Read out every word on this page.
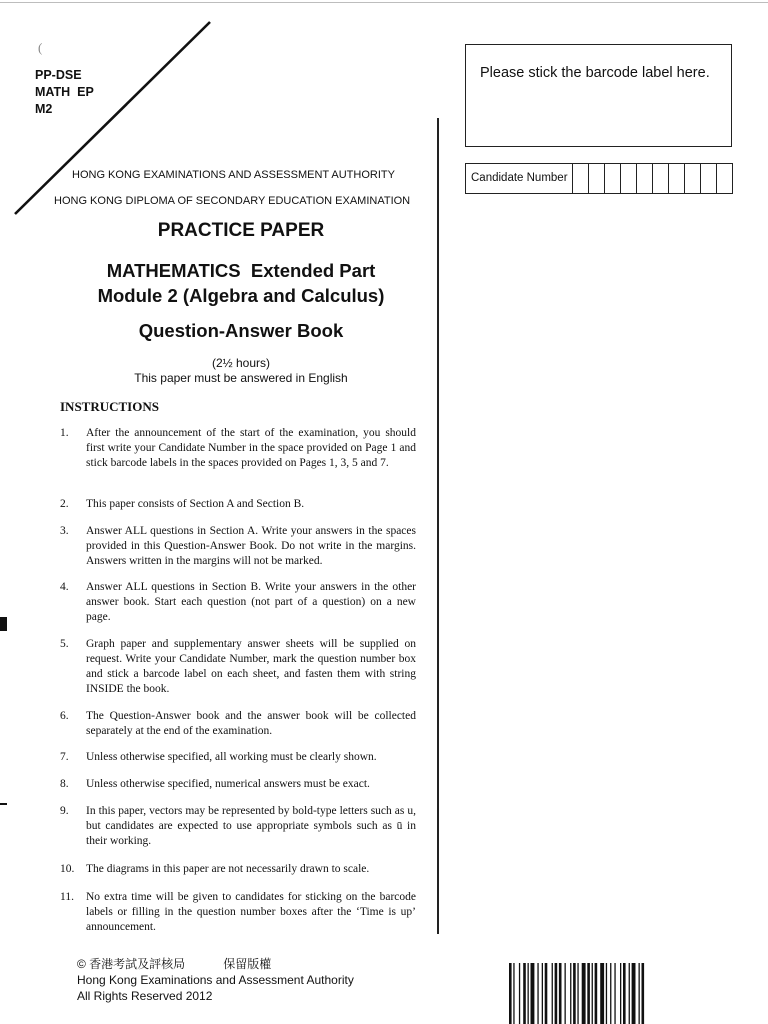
(
PP-DSE
MATH  EP
M2
Please stick the barcode label here.
Candidate Number
HONG KONG EXAMINATIONS AND ASSESSMENT AUTHORITY
HONG KONG DIPLOMA OF SECONDARY EDUCATION EXAMINATION
PRACTICE PAPER
MATHEMATICS  Extended Part
Module 2 (Algebra and Calculus)
Question-Answer Book
(2½ hours)
This paper must be answered in English
INSTRUCTIONS
1. After the announcement of the start of the examination, you should first write your Candidate Number in the space provided on Page 1 and stick barcode labels in the spaces provided on Pages 1, 3, 5 and 7.
2. This paper consists of Section A and Section B.
3. Answer ALL questions in Section A. Write your answers in the spaces provided in this Question-Answer Book. Do not write in the margins. Answers written in the margins will not be marked.
4. Answer ALL questions in Section B. Write your answers in the other answer book. Start each question (not part of a question) on a new page.
5. Graph paper and supplementary answer sheets will be supplied on request. Write your Candidate Number, mark the question number box and stick a barcode label on each sheet, and fasten them with string INSIDE the book.
6. The Question-Answer book and the answer book will be collected separately at the end of the examination.
7. Unless otherwise specified, all working must be clearly shown.
8. Unless otherwise specified, numerical answers must be exact.
9. In this paper, vectors may be represented by bold-type letters such as u, but candidates are expected to use appropriate symbols such as ū in their working.
10. The diagrams in this paper are not necessarily drawn to scale.
11. No extra time will be given to candidates for sticking on the barcode labels or filling in the question number boxes after the ‘Time is up’ announcement.
© 香港考試及評核局	保留版權
Hong Kong Examinations and Assessment Authority
All Rights Reserved 2012
